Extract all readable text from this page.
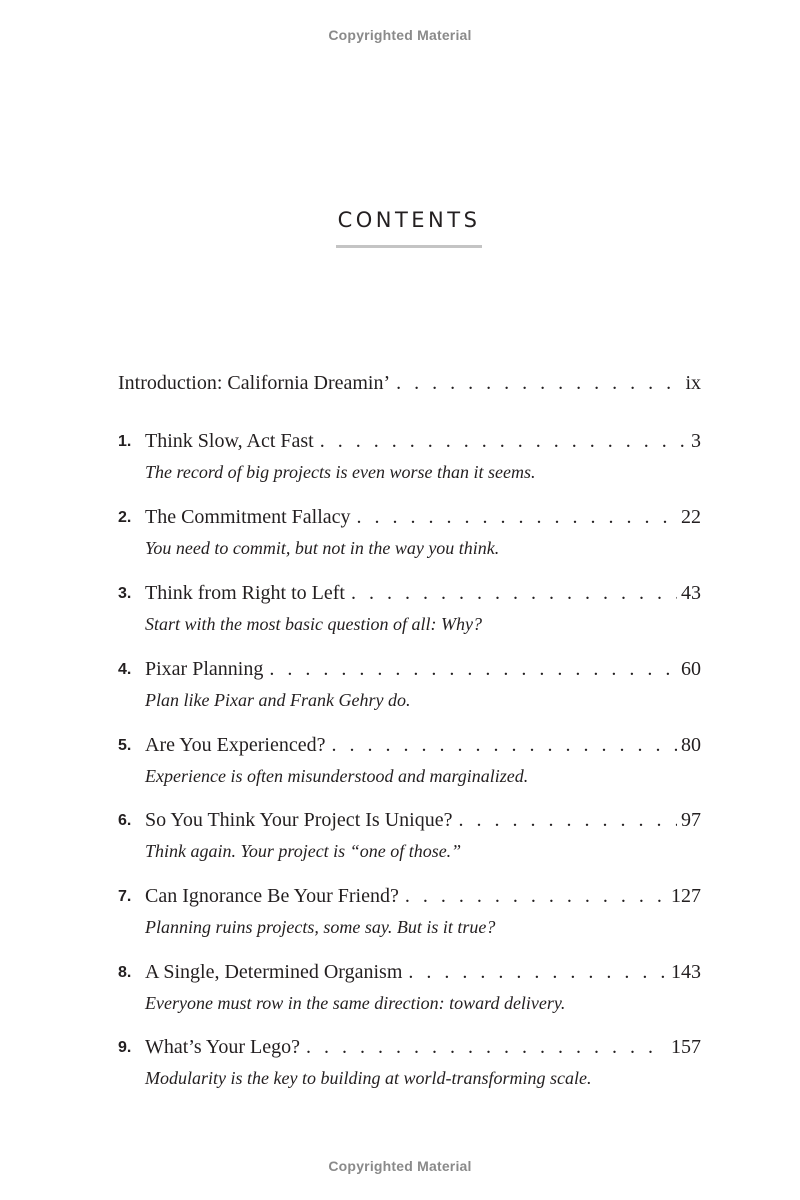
Copyrighted Material
CONTENTS
Introduction: California Dreamin’ . . .	ix
1. Think Slow, Act Fast . . .	3
The record of big projects is even worse than it seems.
2. The Commitment Fallacy . . .	22
You need to commit, but not in the way you think.
3. Think from Right to Left . . .	43
Start with the most basic question of all: Why?
4. Pixar Planning . . .	60
Plan like Pixar and Frank Gehry do.
5. Are You Experienced? . . .	80
Experience is often misunderstood and marginalized.
6. So You Think Your Project Is Unique? . . .	97
Think again. Your project is “one of those.”
7. Can Ignorance Be Your Friend? . . .	127
Planning ruins projects, some say. But is it true?
8. A Single, Determined Organism . . .	143
Everyone must row in the same direction: toward delivery.
9. What’s Your Lego? . . .	157
Modularity is the key to building at world-transforming scale.
Copyrighted Material
